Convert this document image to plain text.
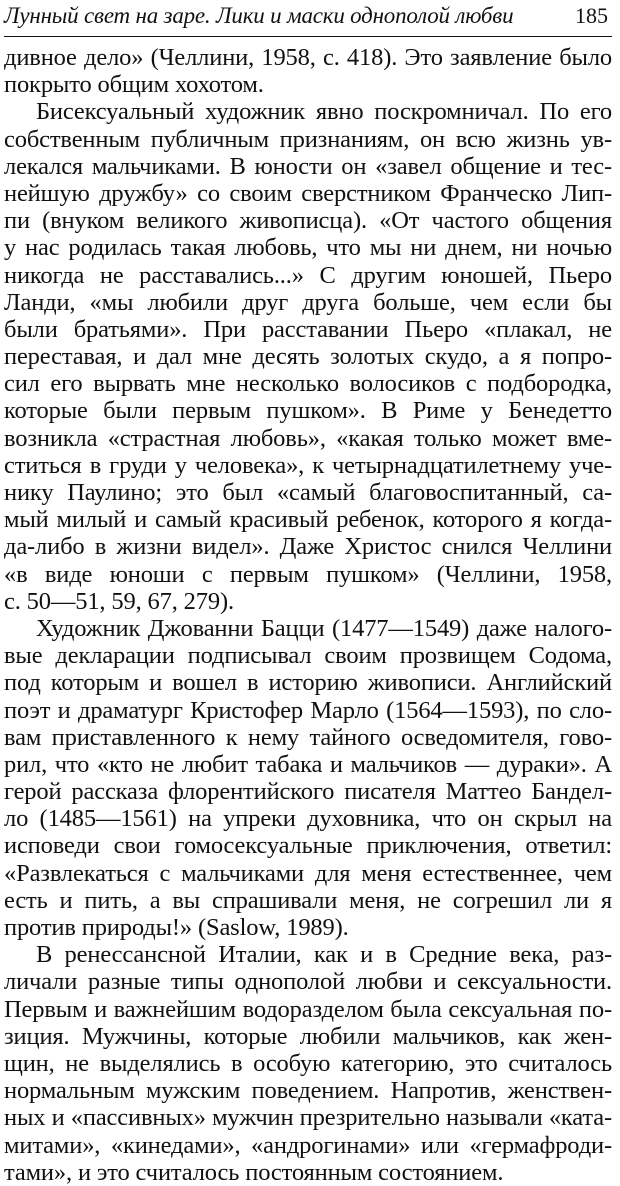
Лунный свет на заре. Лики и маски однополой любви	185
дивное дело» (Челлини, 1958, с. 418). Это заявление было
покрыто общим хохотом.
Бисексуальный художник явно поскромничал. По его
собственным публичным признаниям, он всю жизнь ув-
лекался мальчиками. В юности он «завел общение и тес-
нейшую дружбу» со своим сверстником Франческо Лип-
пи (внуком великого живописца). «От частого общения
у нас родилась такая любовь, что мы ни днем, ни ночью
никогда не расставались...» С другим юношей, Пьеро
Ланди, «мы любили друг друга больше, чем если бы
были братьями». При расставании Пьеро «плакал, не
переставая, и дал мне десять золотых скудо, а я попро-
сил его вырвать мне несколько волосиков с подбородка,
которые были первым пушком». В Риме у Бенедетто
возникла «страстная любовь», «какая только может вме-
ститься в груди у человека», к четырнадцатилетнему уче-
нику Паулино; это был «самый благовоспитанный, са-
мый милый и самый красивый ребенок, которого я когда-
да-либо в жизни видел». Даже Христос снился Челлини
«в виде юноши с первым пушком» (Челлини, 1958,
с. 50—51, 59, 67, 279).
Художник Джованни Бацци (1477—1549) даже налого-
вые декларации подписывал своим прозвищем Содома,
под которым и вошел в историю живописи. Английский
поэт и драматург Кристофер Марло (1564—1593), по сло-
вам приставленного к нему тайного осведомителя, гово-
рил, что «кто не любит табака и мальчиков — дураки». А
герой рассказа флорентийского писателя Маттео Бандел-
ло (1485—1561) на упреки духовника, что он скрыл на
исповеди свои гомосексуальные приключения, ответил:
«Развлекаться с мальчиками для меня естественнее, чем
есть и пить, а вы спрашивали меня, не согрешил ли я
против природы!» (Saslow, 1989).
В ренессансной Италии, как и в Средние века, раз-
личали разные типы однополой любви и сексуальности.
Первым и важнейшим водоразделом была сексуальная по-
зиция. Мужчины, которые любили мальчиков, как жен-
щин, не выделялись в особую категорию, это считалось
нормальным мужским поведением. Напротив, женствен-
ных и «пассивных» мужчин презрительно называли «ката-
митами», «кинедами», «андрогинами» или «гермафроди-
тами», и это считалось постоянным состоянием.
